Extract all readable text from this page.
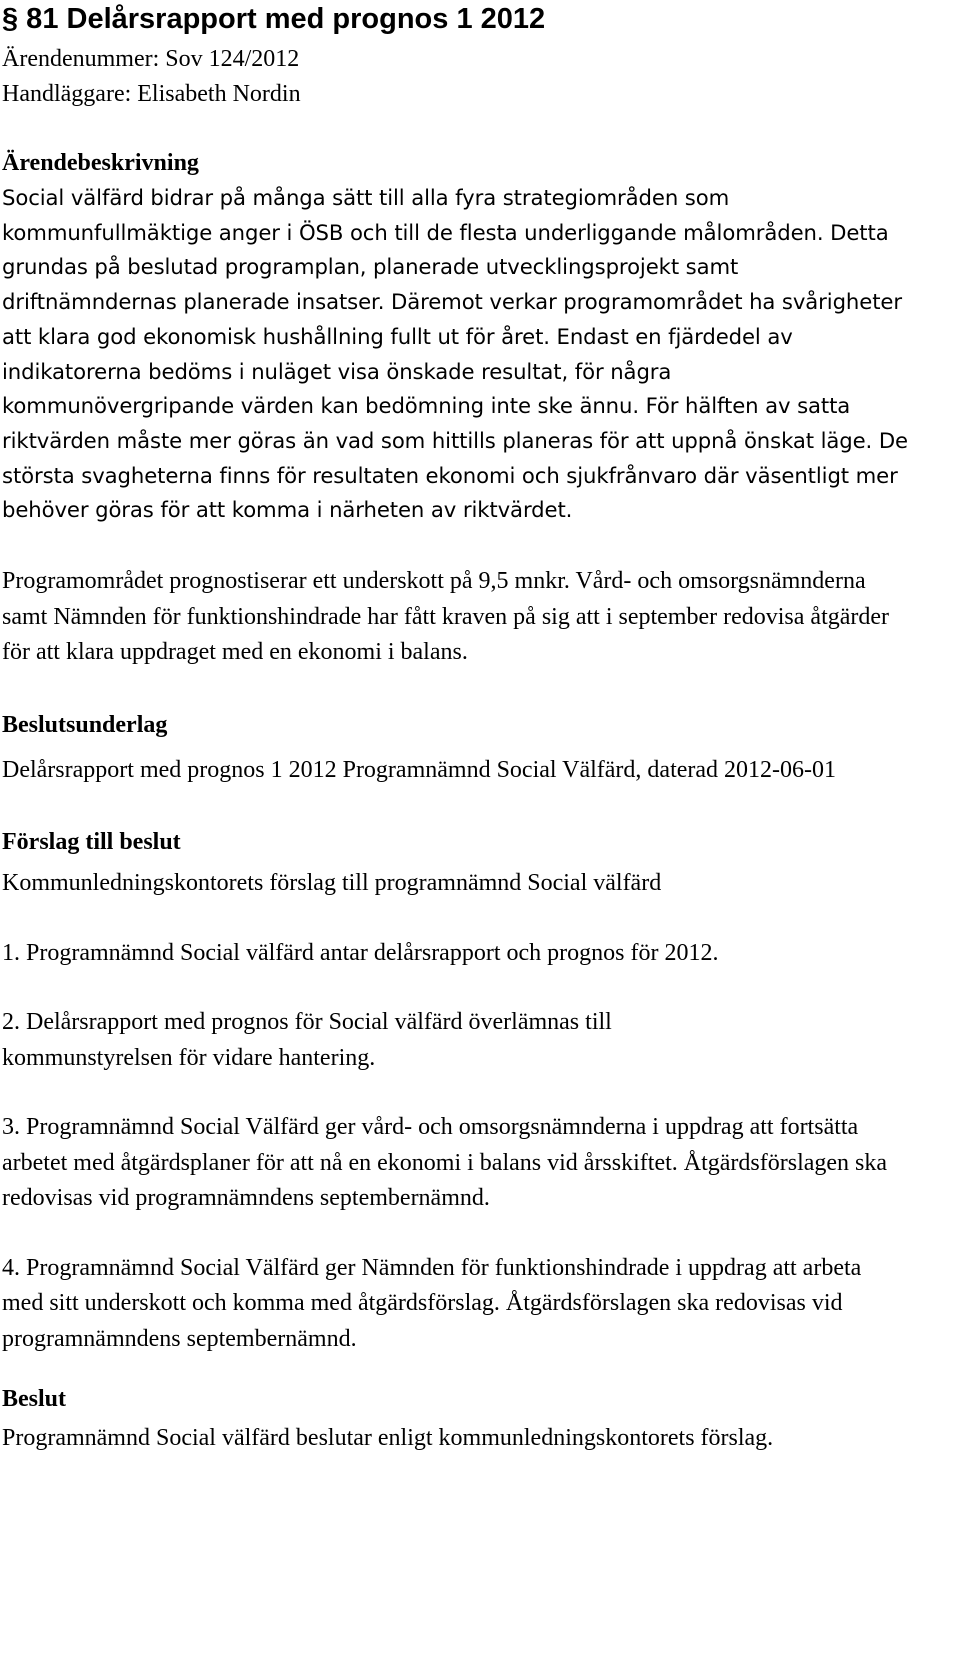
§ 81 Delårsrapport med prognos 1 2012

Ärendenummer: Sov 124/2012

Handläggare: Elisabeth Nordin

Ärendebeskrivning

Social välfärd bidrar på många sätt till alla fyra strategiområden som kommunfullmäktige anger i ÖSB och till de flesta underliggande målområden. Detta grundas på beslutad programplan, planerade utvecklingsprojekt samt driftnämndernas planerade insatser. Däremot verkar programområdet ha svårigheter att klara god ekonomisk hushållning fullt ut för året. Endast en fjärdedel av indikatorerna bedöms i nuläget visa önskade resultat, för några kommunövergripande värden kan bedömning inte ske ännu. För hälften av satta riktvärden måste mer göras än vad som hittills planeras för att uppnå önskat läge. De största svagheterna finns för resultaten ekonomi och sjukfrånvaro där väsentligt mer behöver göras för att komma i närheten av riktvärdet.

Programområdet prognostiserar ett underskott på 9,5 mnkr. Vård- och omsorgsnämnderna samt Nämnden för funktionshindrade har fått kraven på sig att i september redovisa åtgärder för att klara uppdraget med en ekonomi i balans.

Beslutsunderlag

Delårsrapport med prognos 1 2012 Programnämnd Social Välfärd, daterad 2012-06-01

Förslag till beslut

Kommunledningskontorets förslag till programnämnd Social välfärd

1. Programnämnd Social välfärd antar delårsrapport och prognos för 2012.

2. Delårsrapport med prognos för Social välfärd överlämnas till kommunstyrelsen för vidare hantering.

3. Programnämnd Social Välfärd ger vård- och omsorgsnämnderna i uppdrag att fortsätta arbetet med åtgärdsplaner för att nå en ekonomi i balans vid årsskiftet. Åtgärdsförslagen ska redovisas vid programnämndens septembernämnd.

4. Programnämnd Social Välfärd ger Nämnden för funktionshindrade i uppdrag att arbeta med sitt underskott och komma med åtgärdsförslag. Åtgärdsförslagen ska redovisas vid programnämndens septembernämnd.

Beslut

Programnämnd Social välfärd beslutar enligt kommunledningskontorets förslag.
